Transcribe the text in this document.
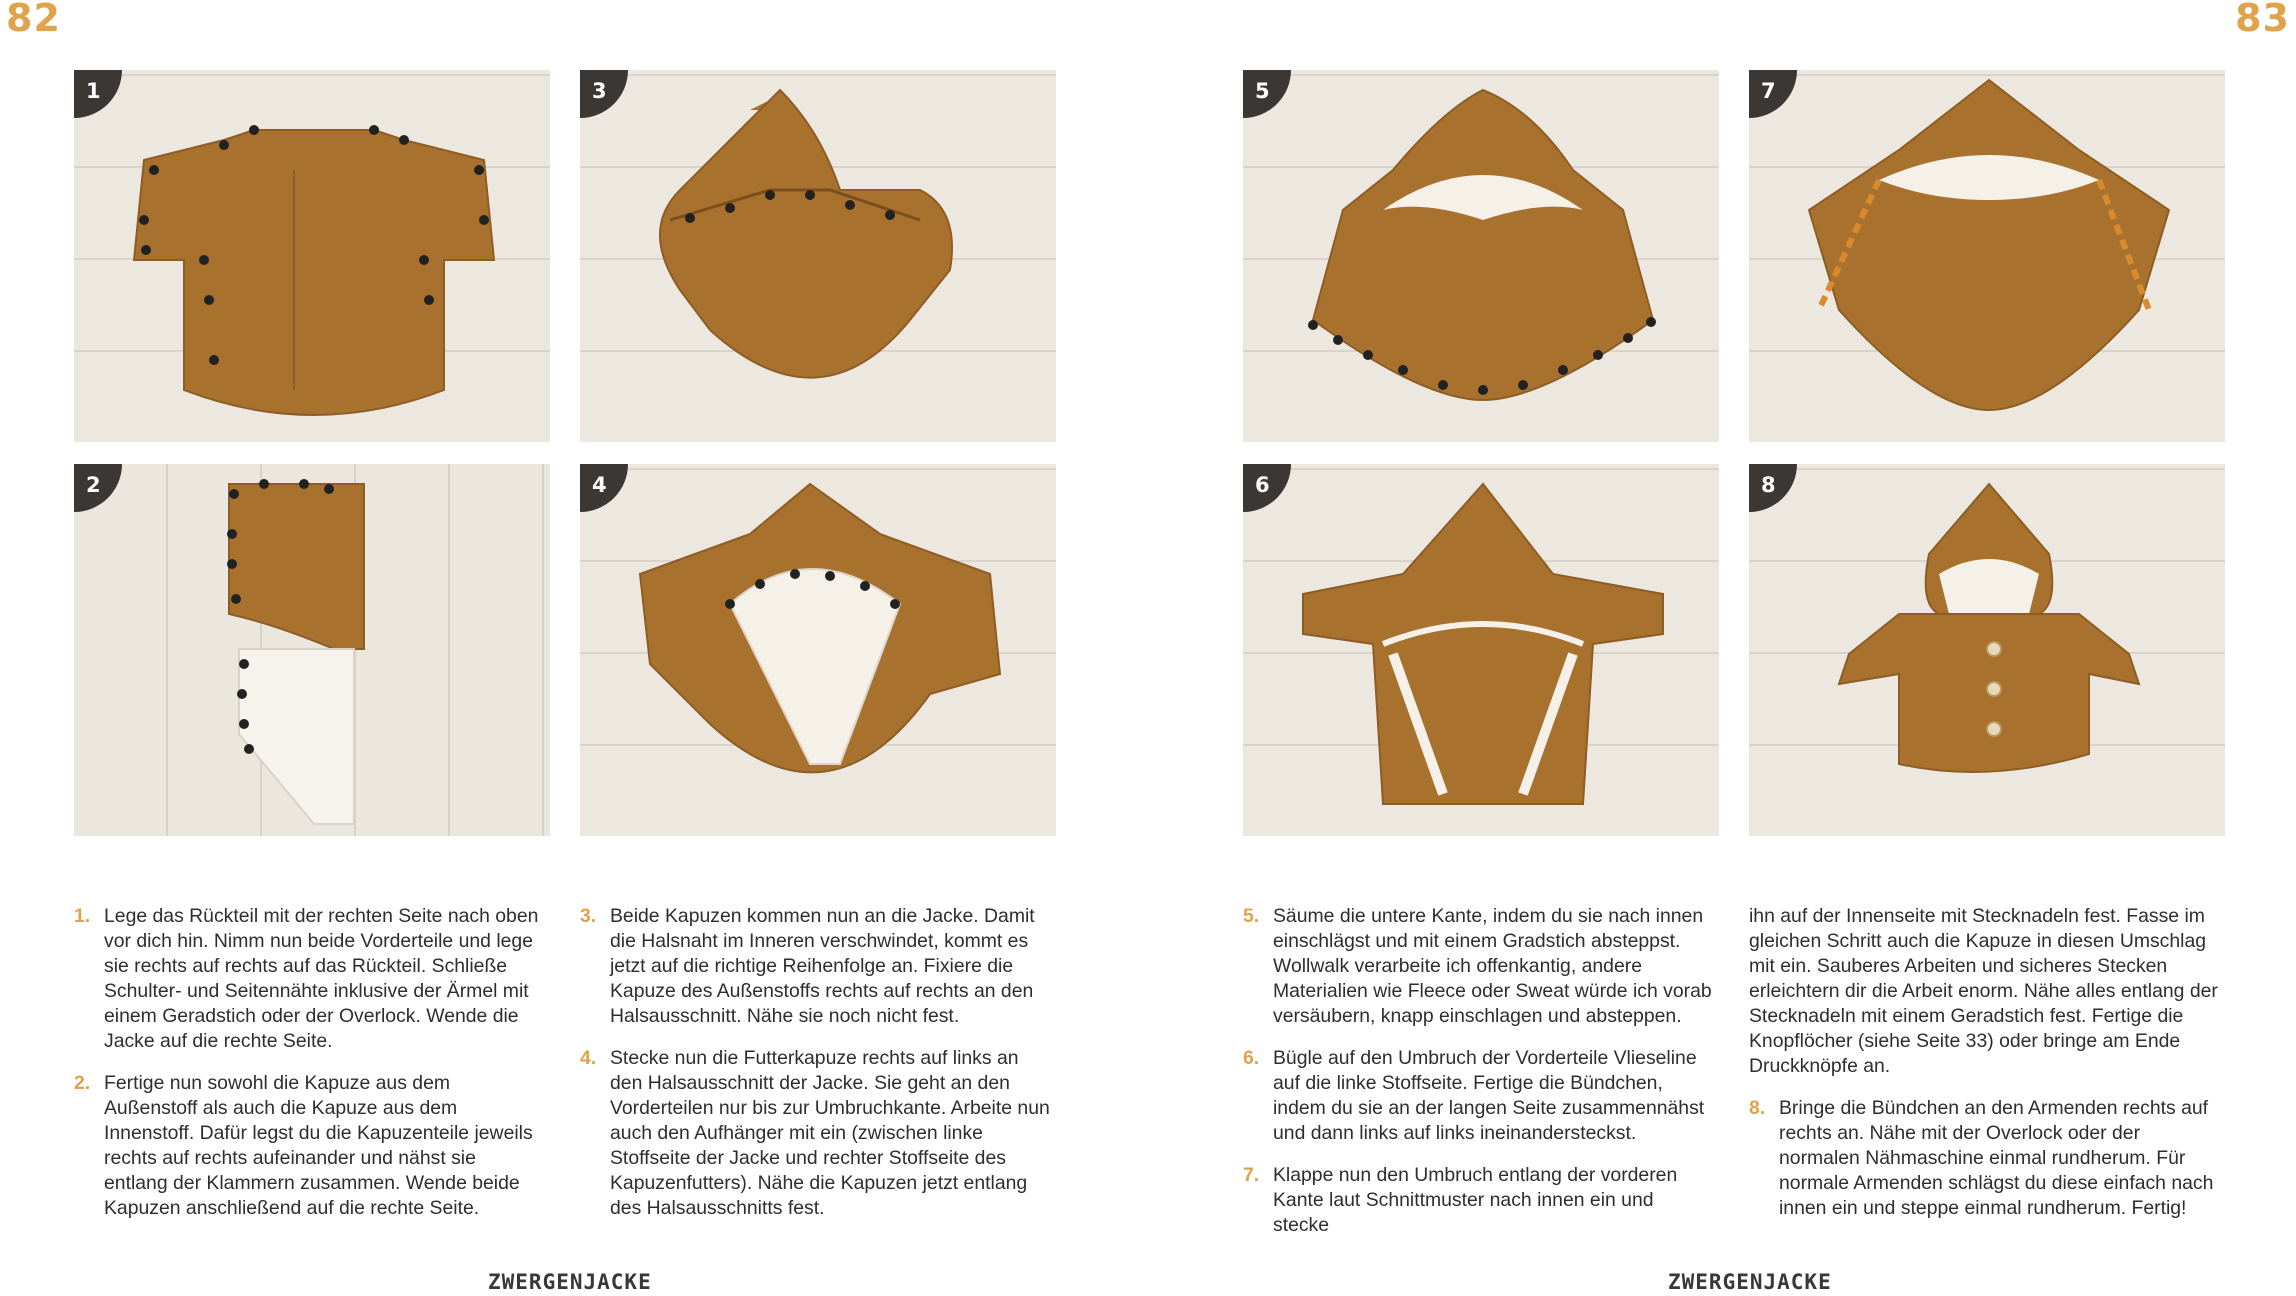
82	83
1
2
3
4
5
6
7
8
1. Lege das Rückteil mit der rechten Seite nach oben vor dich hin. Nimm nun beide Vorderteile und lege sie rechts auf rechts auf das Rückteil. Schließe Schulter- und Seitennähte inklusive der Ärmel mit einem Geradstich oder der Overlock. Wende die Jacke auf die rechte Seite.
2. Fertige nun sowohl die Kapuze aus dem Außenstoff als auch die Kapuze aus dem Innenstoff. Dafür legst du die Kapuzenteile jeweils rechts auf rechts aufeinander und nähst sie entlang der Klammern zusammen. Wende beide Kapuzen anschließend auf die rechte Seite.
3. Beide Kapuzen kommen nun an die Jacke. Damit die Halsnaht im Inneren verschwindet, kommt es jetzt auf die richtige Reihenfolge an. Fixiere die Kapuze des Außenstoffs rechts auf rechts an den Halsausschnitt. Nähe sie noch nicht fest.
4. Stecke nun die Futterkapuze rechts auf links an den Halsausschnitt der Jacke. Sie geht an den Vorderteilen nur bis zur Umbruchkante. Arbeite nun auch den Aufhänger mit ein (zwischen linke Stoffseite der Jacke und rechter Stoffseite des Kapuzenfutters). Nähe die Kapuzen jetzt entlang des Halsausschnitts fest.
5. Säume die untere Kante, indem du sie nach innen einschlägst und mit einem Gradstich absteppst. Wollwalk verarbeite ich offenkantig, andere Materialien wie Fleece oder Sweat würde ich vorab versäubern, knapp einschlagen und absteppen.
6. Bügle auf den Umbruch der Vorderteile Vlieseline auf die linke Stoffseite. Fertige die Bündchen, indem du sie an der langen Seite zusammennähst und dann links auf links ineinandersteckst.
7. Klappe nun den Umbruch entlang der vorderen Kante laut Schnittmuster nach innen ein und stecke
ihn auf der Innenseite mit Stecknadeln fest. Fasse im gleichen Schritt auch die Kapuze in diesen Umschlag mit ein. Sauberes Arbeiten und sicheres Stecken erleichtern dir die Arbeit enorm. Nähe alles entlang der Stecknadeln mit einem Geradstich fest. Fertige die Knopflöcher (siehe Seite 33) oder bringe am Ende Druckknöpfe an.
8. Bringe die Bündchen an den Armenden rechts auf rechts an. Nähe mit der Overlock oder der normalen Nähmaschine einmal rundherum. Für normale Armenden schlägst du diese einfach nach innen ein und steppe einmal rundherum. Fertig!
ZWERGENJACKE	ZWERGENJACKE
